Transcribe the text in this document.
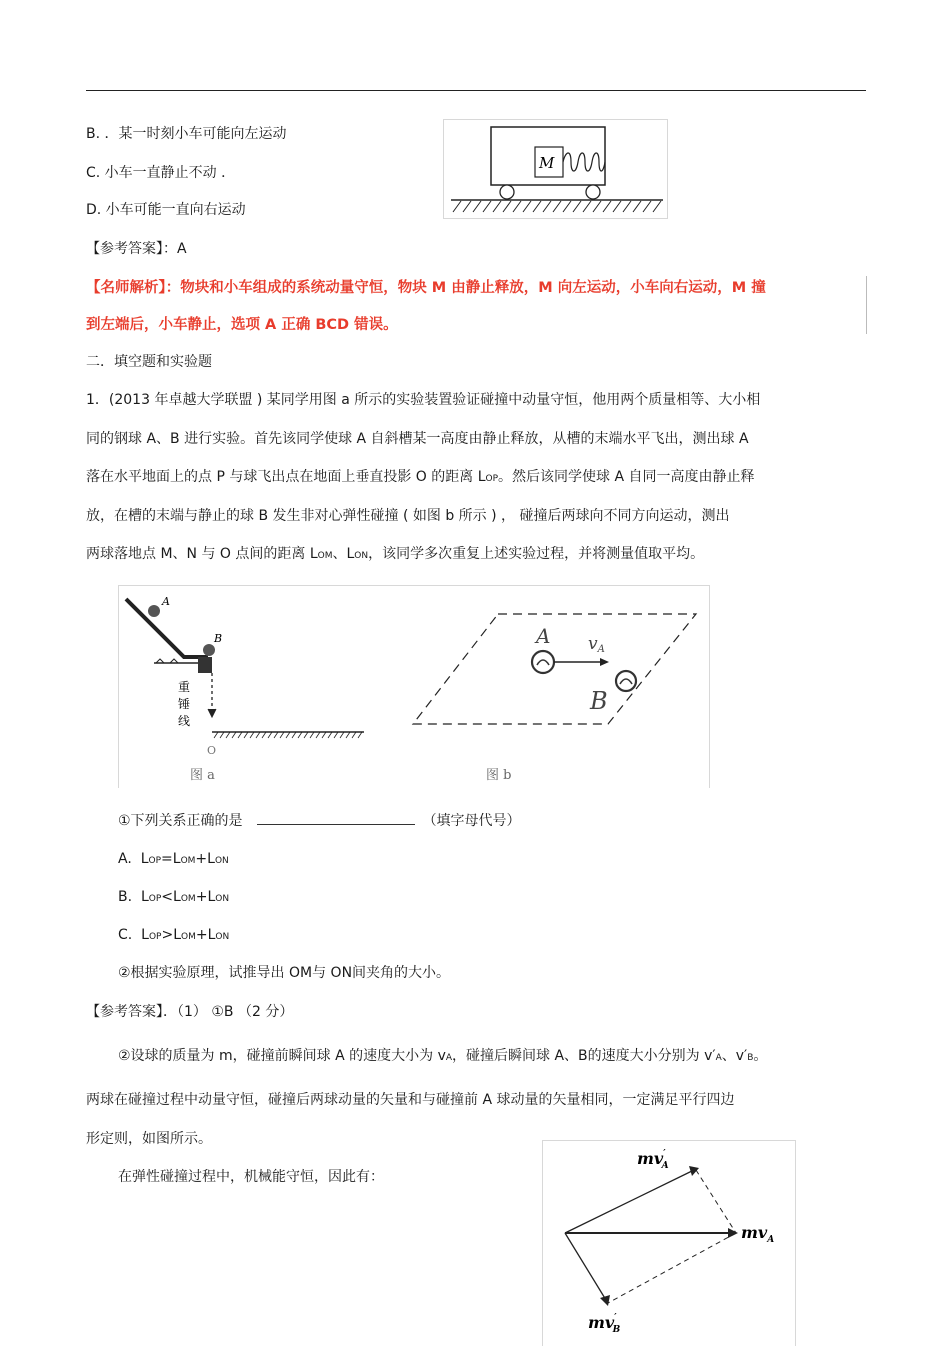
B. ．某一时刻小车可能向左运动
C. 小车一直静止不动 ．
D. 小车可能一直向右运动
M
【参考答案】：A
【名师解析】：物块和小车组成的系统动量守恒，物块 M 由静止释放，M 向左运动，小车向右运动，M 撞
到左端后，小车静止，选项 A 正确 BCD 错误。
二．填空题和实验题
1．(2013 年卓越大学联盟 ) 某同学用图 a 所示的实验装置验证碰撞中动量守恒，他用两个质量相等、大小相
同的钢球 A、B 进行实验。首先该同学使球 A 自斜槽某一高度由静止释放，从槽的末端水平飞出，测出球 A
落在水平地面上的点 P 与球飞出点在地面上垂直投影 O 的距离 LOP。然后该同学使球 A 自同一高度由静止释
放，在槽的末端与静止的球 B 发生非对心弹性碰撞 ( 如图 b 所示 ) ， 碰撞后两球向不同方向运动，测出
两球落地点 M、N 与 O 点间的距离 LOM、LON，该同学多次重复上述实验过程，并将测量值取平均。
A
B
重
锤
线
O
图 a
A vA
B
图 b
①下列关系正确的是	（填字母代号）
A. LOP=LOM+LON
B. LOP<LOM+LON
C. LOP>LOM+LON
②根据实验原理，试推导出 OM与 ON间夹角的大小。
【参考答案】．（1） ①B （2 分）
②设球的质量为 m，碰撞前瞬间球 A 的速度大小为 vA，碰撞后瞬间球 A、B的速度大小分别为 v′A、v′B。
两球在碰撞过程中动量守恒，碰撞后两球动量的矢量和与碰撞前 A 球动量的矢量相同，一定满足平行四边
形定则，如图所示。
在弹性碰撞过程中，机械能守恒，因此有：
mv′ A
$mv_A$
mv′ B
